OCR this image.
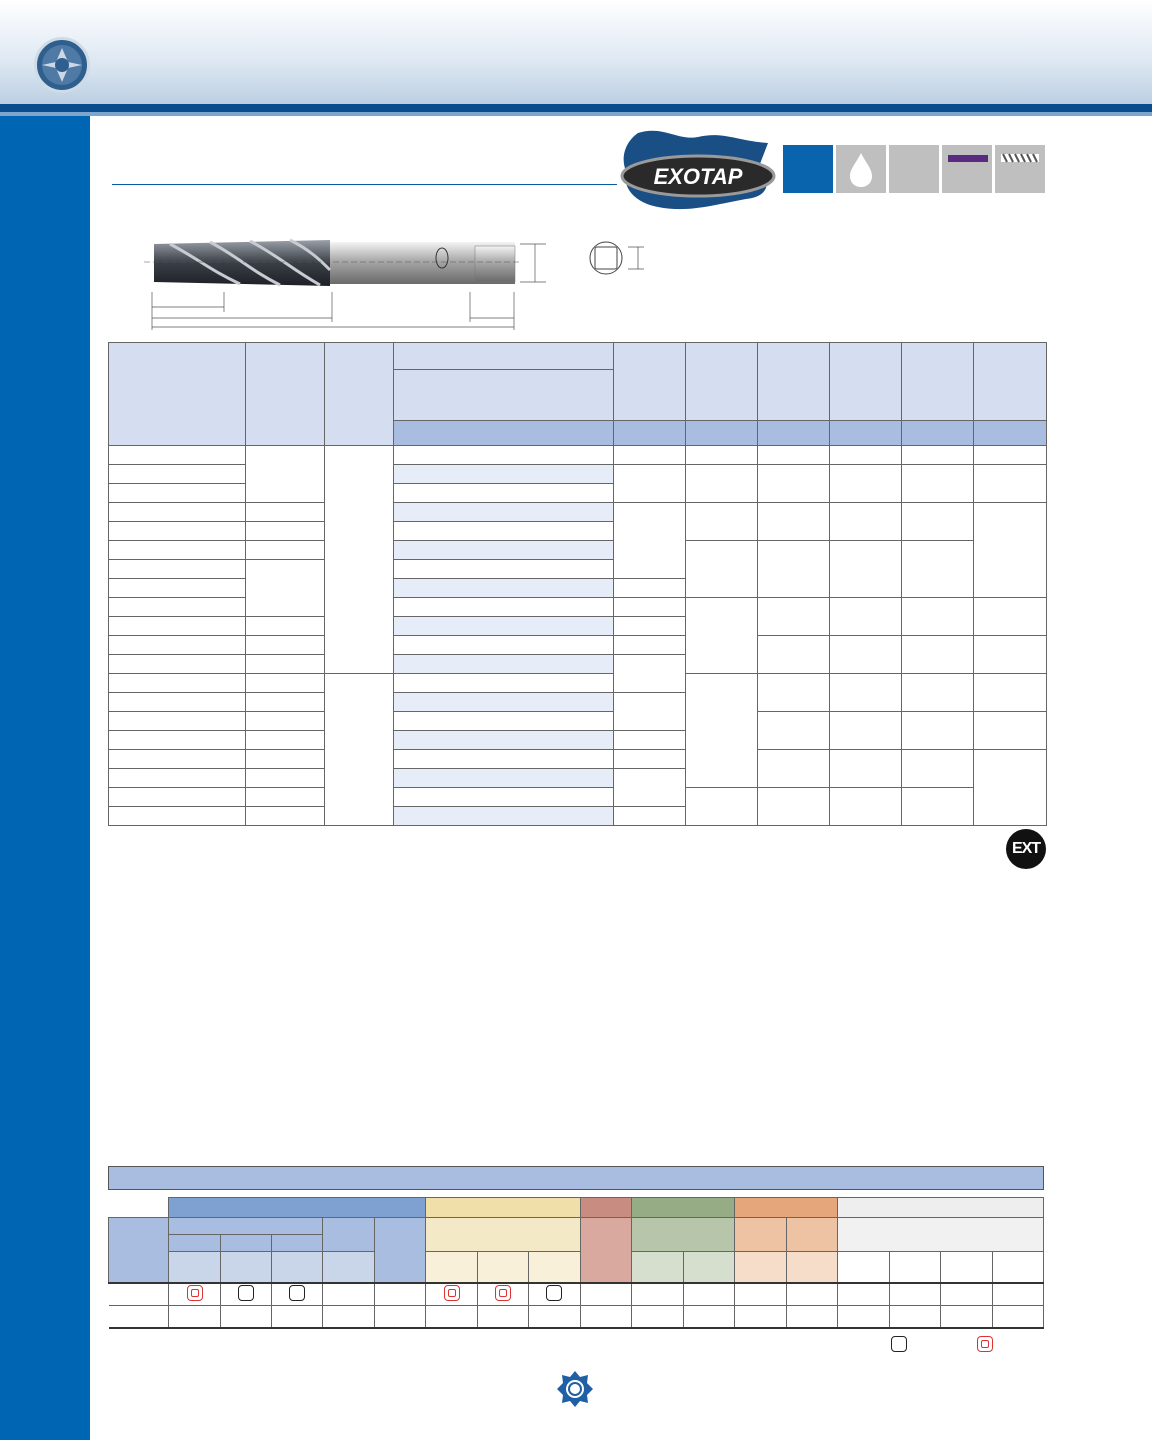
EXOTAP

EXT
